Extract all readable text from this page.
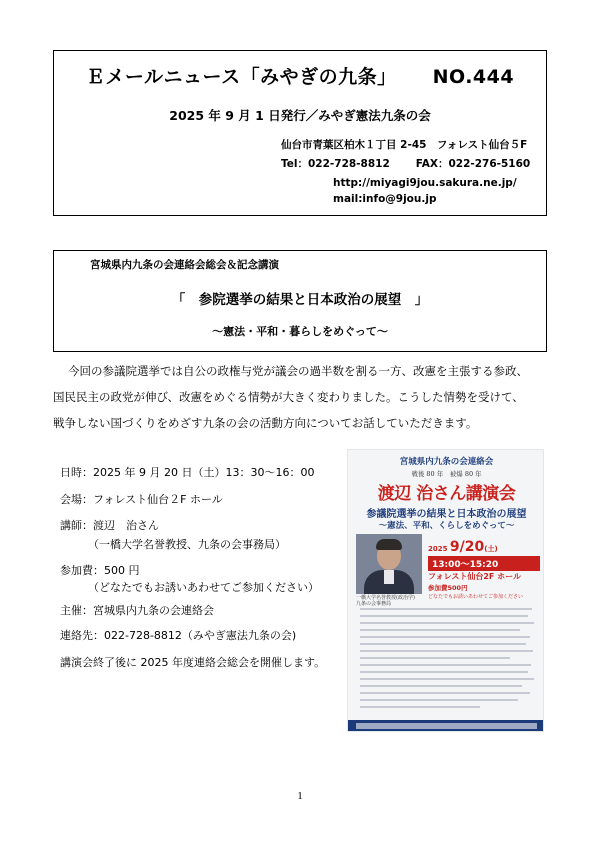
Ｅメールニュース「みやぎの九条」 NO.444
2025 年 9 月 1 日発行／みやぎ憲法九条の会
仙台市青葉区柏木１丁目 2-45　フォレスト仙台５F
Tel：022-728-8812 FAX：022-276-5160
http://miyagi9jou.sakura.ne.jp/
mail:info@9jou.jp
宮城県内九条の会連絡会総会＆記念講演
「　参院選挙の結果と日本政治の展望　」
～憲法・平和・暮らしをめぐって～
今回の参議院選挙では自公の政権与党が議会の過半数を割る一方、改憲を主張する参政、
国民民主の政党が伸び、改憲をめぐる情勢が大きく変わりました。こうした情勢を受けて、
戦争しない国づくりをめざす九条の会の活動方向についてお話していただきます。
日時：2025 年 9 月 20 日（土）13：30～16：00
会場：フォレスト仙台２F ホール
講師：渡辺　治さん
（一橋大学名誉教授、九条の会事務局）
参加費：500 円
（どなたでもお誘いあわせてご参加ください）
主催：宮城県内九条の会連絡会
連絡先：022-728-8812（みやぎ憲法九条の会)
講演会終了後に 2025 年度連絡会総会を開催します。
宮城県内九条の会連絡会
戦後 80 年　被爆 80 年
渡辺 治さん講演会
参議院選挙の結果と日本政治の展望
～憲法、平和、くらしをめぐって～
2025 9/20(土)
13:00～15:20
フォレスト仙台2F ホール
参加費500円
どなたでもお誘いあわせてご参加ください
一橋大学名誉教授(政治学)
九条の会事務局
1
